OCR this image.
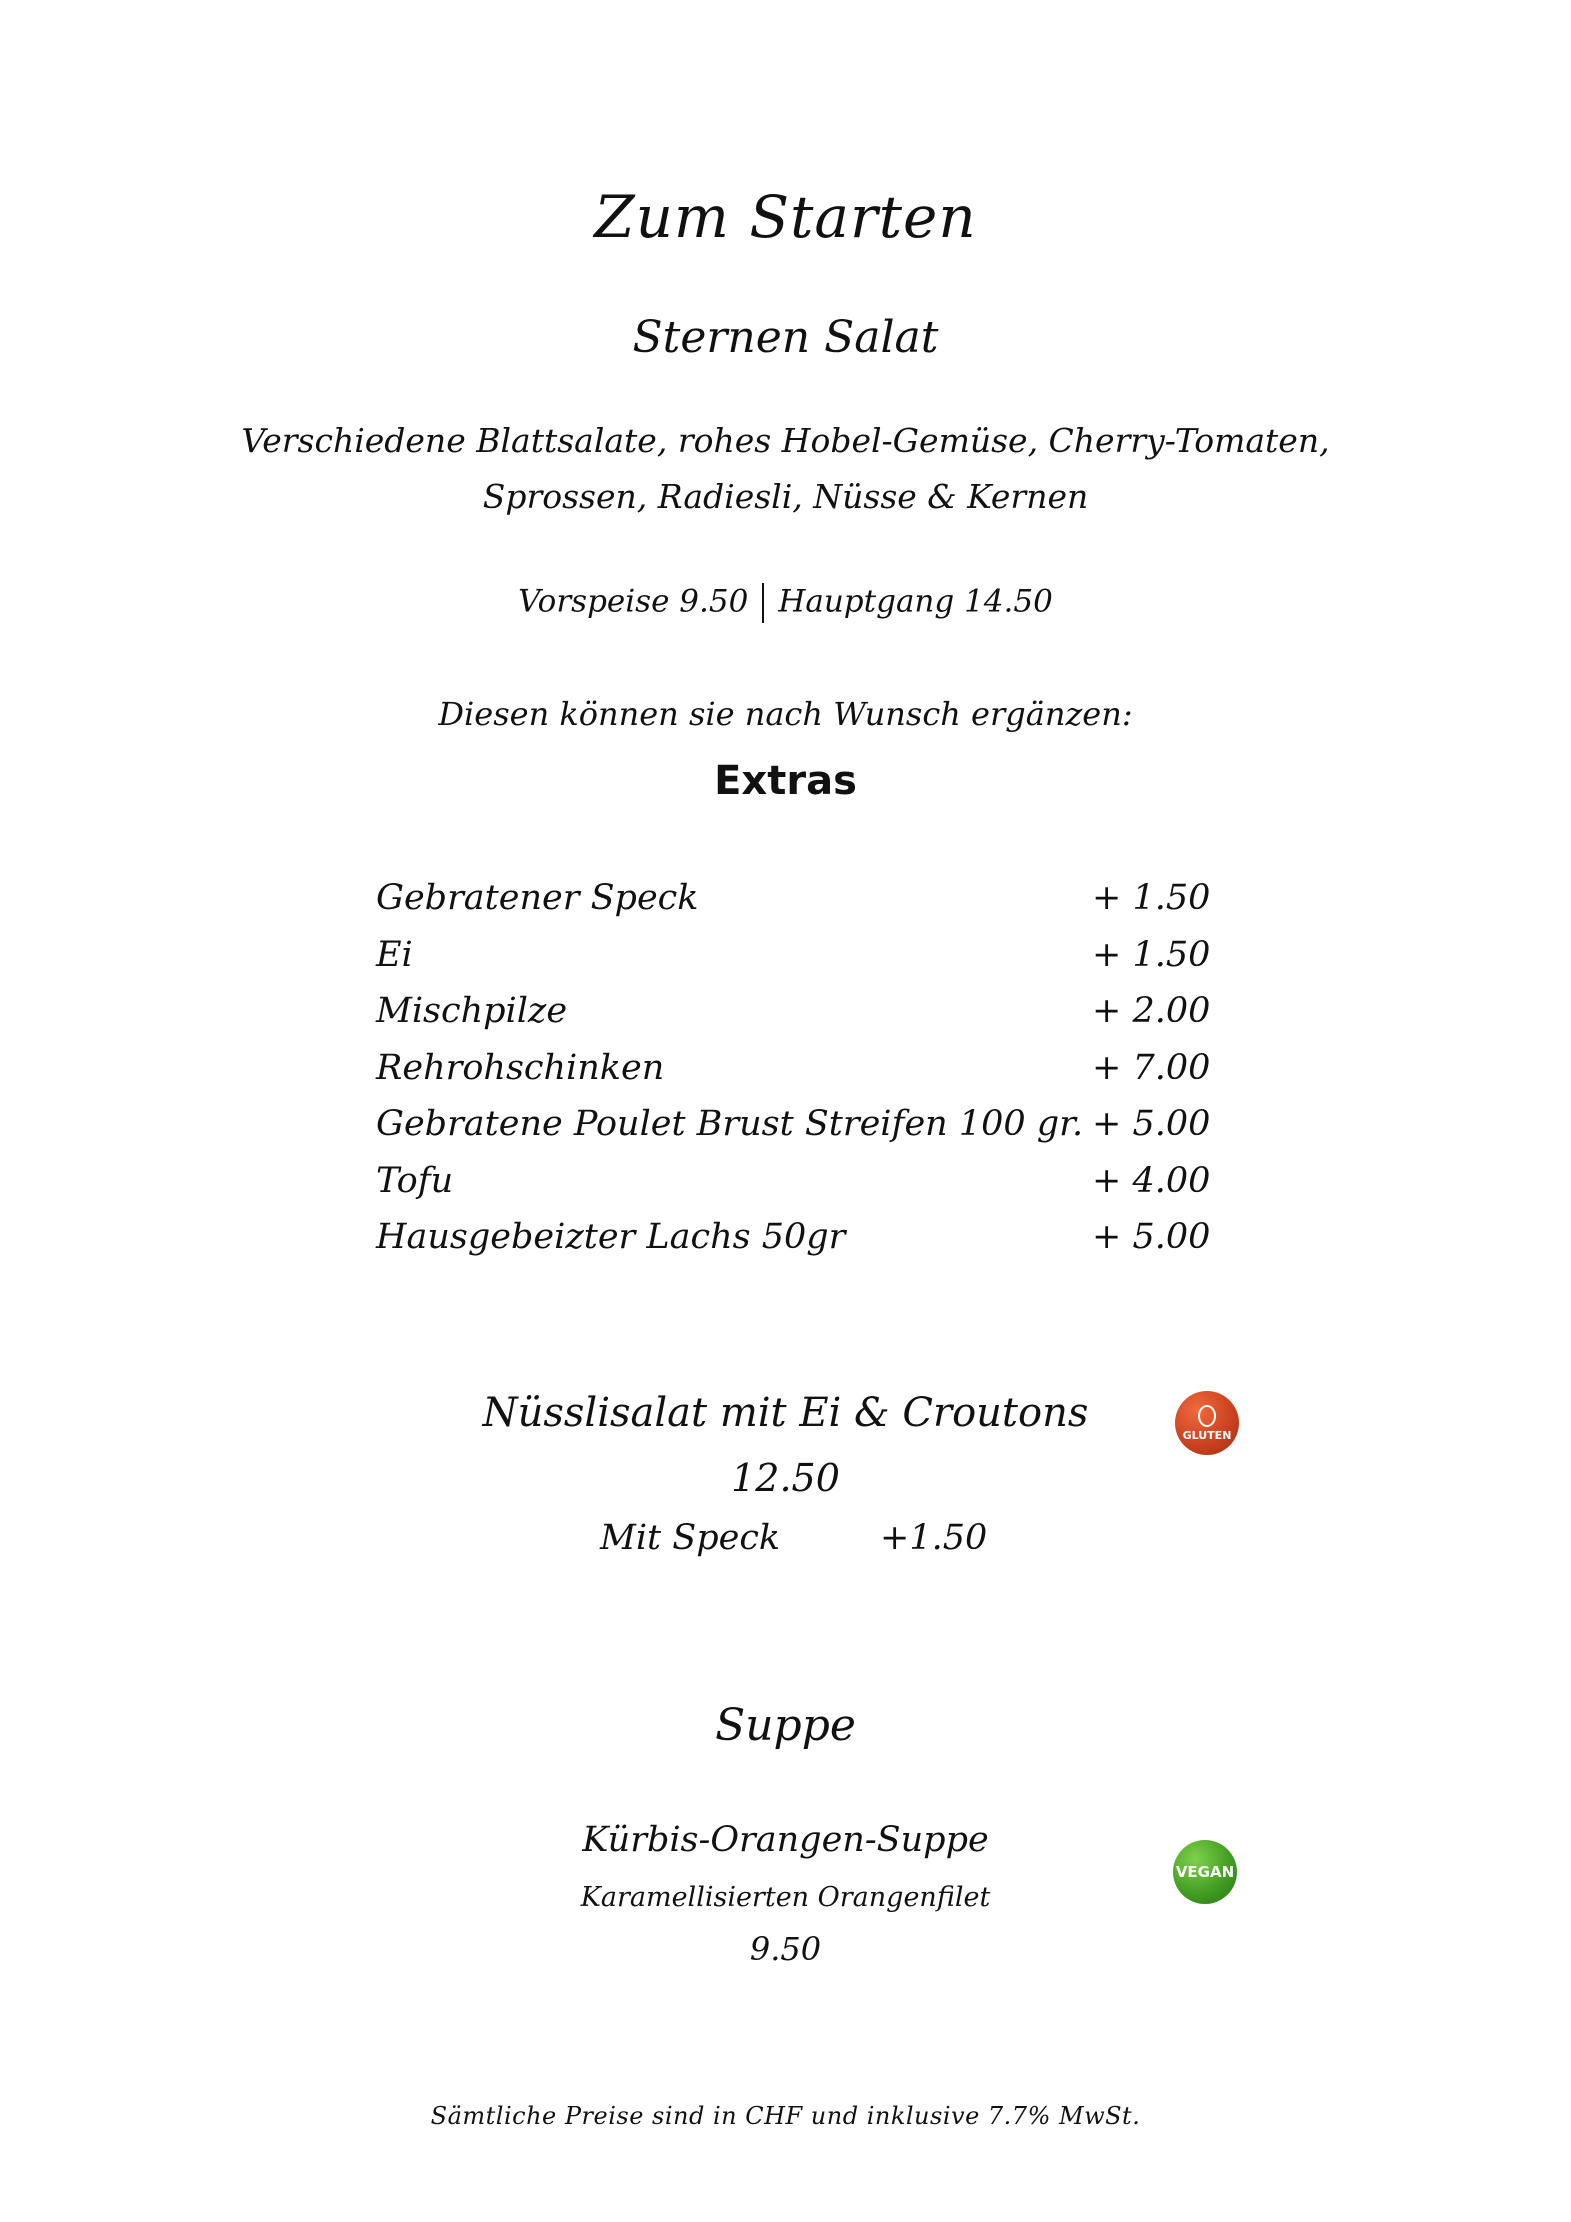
Zum Starten
Sternen Salat
Verschiedene Blattsalate, rohes Hobel-Gemüse, Cherry-Tomaten,
Sprossen, Radiesli, Nüsse & Kernen
Vorspeise 9.50 Hauptgang 14.50
Diesen können sie nach Wunsch ergänzen:
Extras
Gebratener Speck	+ 1.50
Ei	+ 1.50
Mischpilze	+ 2.00
Rehrohschinken	+ 7.00
Gebratene Poulet Brust Streifen 100 gr. + 5.00
Tofu	+ 4.00
Hausgebeizter Lachs 50gr	+ 5.00
Nüsslisalat mit Ei & Croutons	GLUTEN
12.50
Mit Speck	+1.50
Suppe
Kürbis-Orangen-Suppe
VEGAN
Karamellisierten Orangenfilet
9.50
Sämtliche Preise sind in CHF und inklusive 7.7% MwSt.
